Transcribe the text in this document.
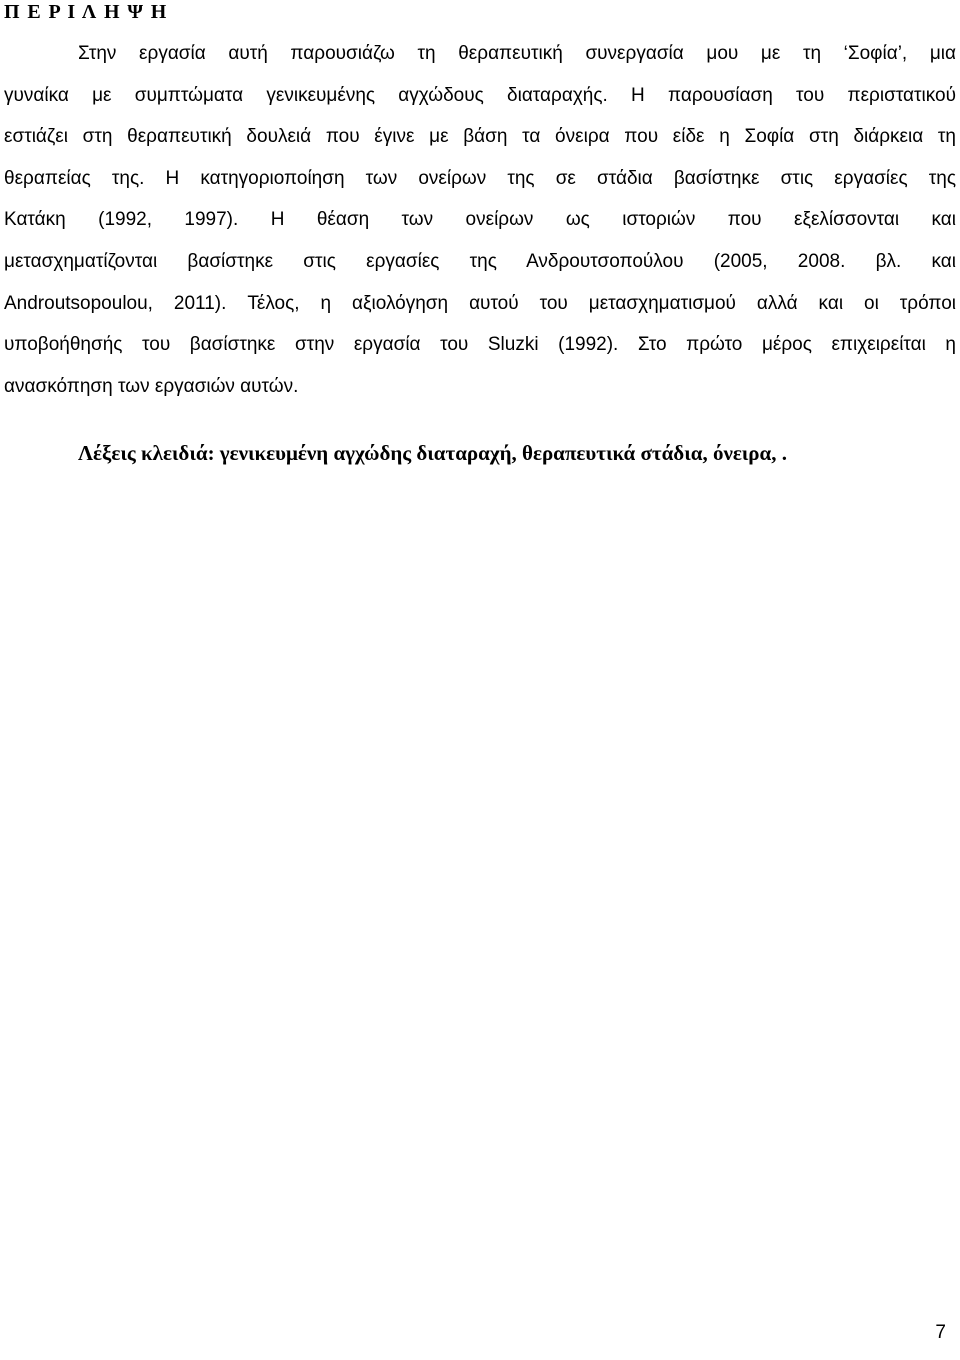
Π Ε Ρ Ι Λ Η Ψ Η
Στην εργασία αυτή παρουσιάζω τη θεραπευτική συνεργασία μου με τη ‘Σοφία’, μια
γυναίκα με συμπτώματα γενικευμένης αγχώδους διαταραχής. Η παρουσίαση του περιστατικού
εστιάζει στη θεραπευτική δουλειά που έγινε με βάση τα όνειρα που είδε η Σοφία στη διάρκεια τη
θεραπείας της. Η κατηγοριοποίηση των ονείρων της σε στάδια βασίστηκε στις εργασίες της
Κατάκη (1992, 1997). Η θέαση των ονείρων ως ιστοριών που εξελίσσονται και
μετασχηματίζονται βασίστηκε στις εργασίες της Ανδρουτσοπούλου (2005, 2008. βλ. και
Androutsopoulou, 2011). Τέλος, η αξιολόγηση αυτού του μετασχηματισμού αλλά και οι τρόποι
υποβοήθησής του βασίστηκε στην εργασία του Sluzki (1992). Στο πρώτο μέρος επιχειρείται η
ανασκόπηση των εργασιών αυτών.

Λέξεις κλειδιά: γενικευμένη αγχώδης διαταραχή, θεραπευτικά στάδια, όνειρα, .

7
